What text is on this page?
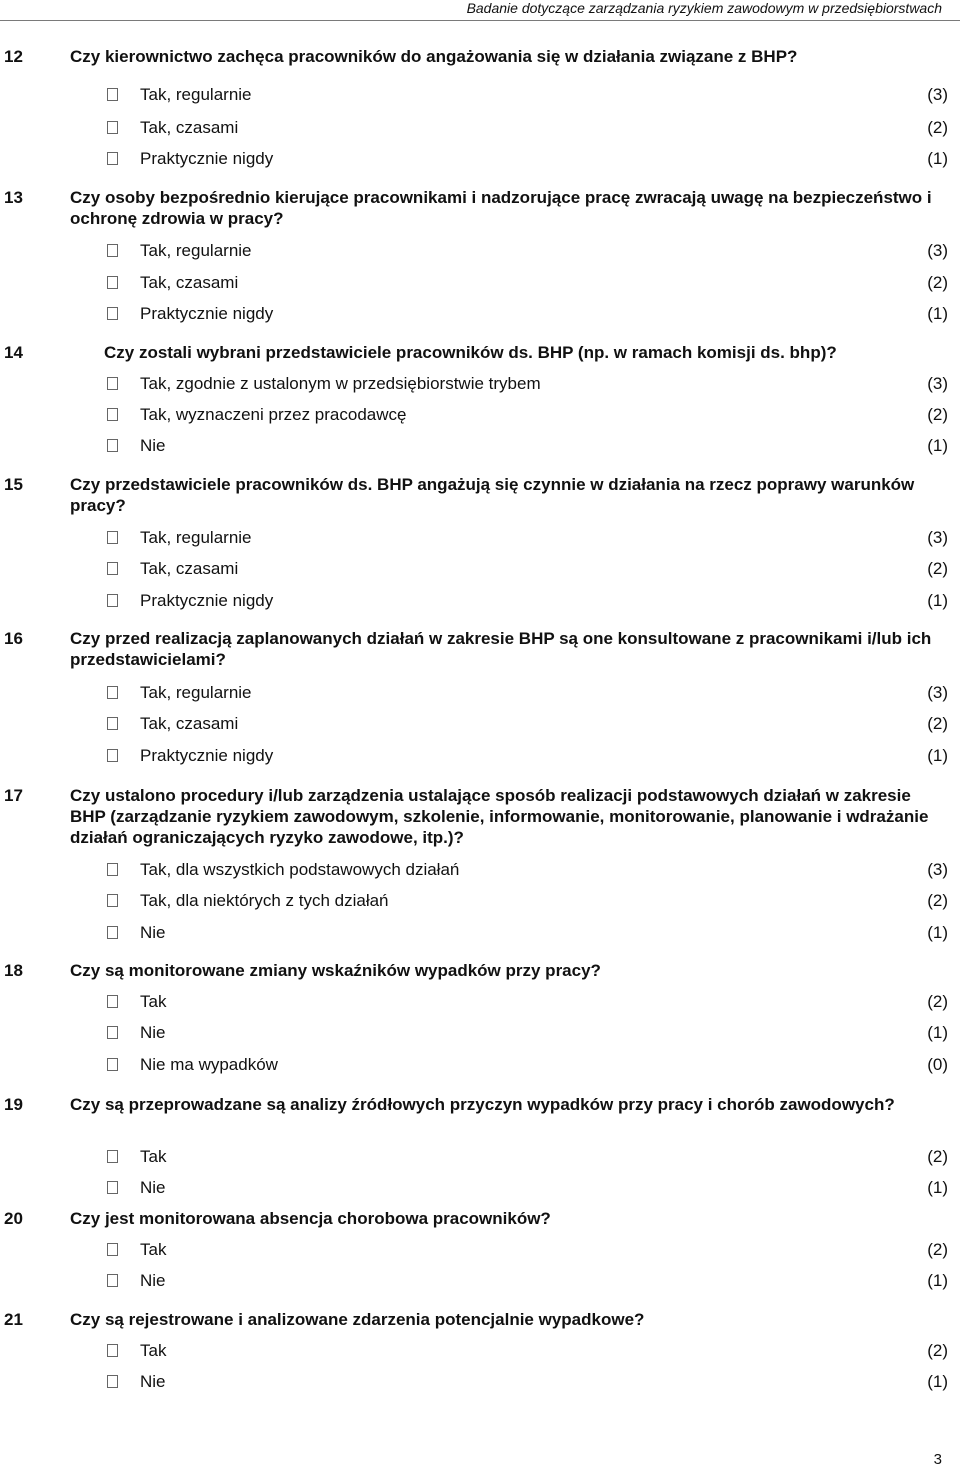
Badanie dotyczące zarządzania ryzykiem zawodowym w przedsiębiorstwach
12	Czy kierownictwo zachęca pracowników do angażowania się w działania związane z BHP?
Tak, regularnie	(3)
Tak, czasami	(2)
Praktycznie nigdy	(1)
13	Czy osoby bezpośrednio kierujące pracownikami i nadzorujące pracę zwracają uwagę na bezpieczeństwo i ochronę zdrowia w pracy?
Tak, regularnie	(3)
Tak, czasami	(2)
Praktycznie nigdy	(1)
14	Czy zostali wybrani przedstawiciele pracowników ds. BHP (np. w ramach komisji ds. bhp)?
Tak, zgodnie z ustalonym w przedsiębiorstwie trybem	(3)
Tak, wyznaczeni przez pracodawcę	(2)
Nie	(1)
15	Czy przedstawiciele pracowników ds. BHP angażują się czynnie w działania na rzecz poprawy warunków pracy?
Tak, regularnie	(3)
Tak, czasami	(2)
Praktycznie nigdy	(1)
16	Czy przed realizacją zaplanowanych działań w zakresie BHP są one konsultowane z pracownikami i/lub ich przedstawicielami?
Tak, regularnie	(3)
Tak, czasami	(2)
Praktycznie nigdy	(1)
17	Czy ustalono procedury i/lub zarządzenia ustalające sposób realizacji podstawowych działań w zakresie BHP (zarządzanie ryzykiem zawodowym, szkolenie, informowanie, monitorowanie, planowanie i wdrażanie działań ograniczających ryzyko zawodowe, itp.)?
Tak, dla wszystkich podstawowych działań	(3)
Tak, dla niektórych z tych działań	(2)
Nie	(1)
18	Czy są monitorowane zmiany wskaźników wypadków przy pracy?
Tak	(2)
Nie	(1)
Nie ma wypadków	(0)
19	Czy są przeprowadzane są analizy źródłowych przyczyn wypadków przy pracy i chorób zawodowych?
Tak	(2)
Nie	(1)
20	Czy jest monitorowana absencja chorobowa pracowników?
Tak	(2)
Nie	(1)
21	Czy są rejestrowane i analizowane zdarzenia potencjalnie wypadkowe?
Tak	(2)
Nie	(1)
3
